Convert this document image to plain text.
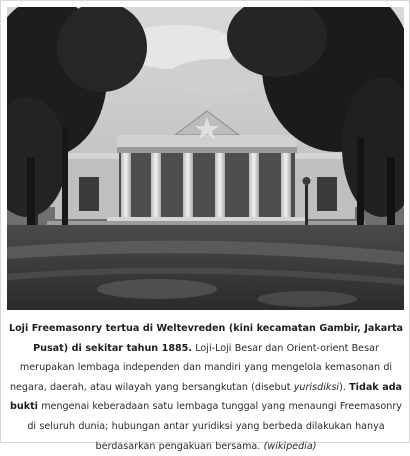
Loji Freemasonry tertua di Weltevreden (kini kecamatan Gambir, Jakarta Pusat) di sekitar tahun 1885. Loji-Loji Besar dan Orient-orient Besar merupakan lembaga independen dan mandiri yang mengelola kemasonan di negara, daerah, atau wilayah yang bersangkutan (disebut yurisdiksi). Tidak ada bukti mengenai keberadaan satu lembaga tunggal yang menaungi Freemasonry di seluruh dunia; hubungan antar yuridiksi yang berbeda dilakukan hanya berdasarkan pengakuan bersama. (wikipedia)
